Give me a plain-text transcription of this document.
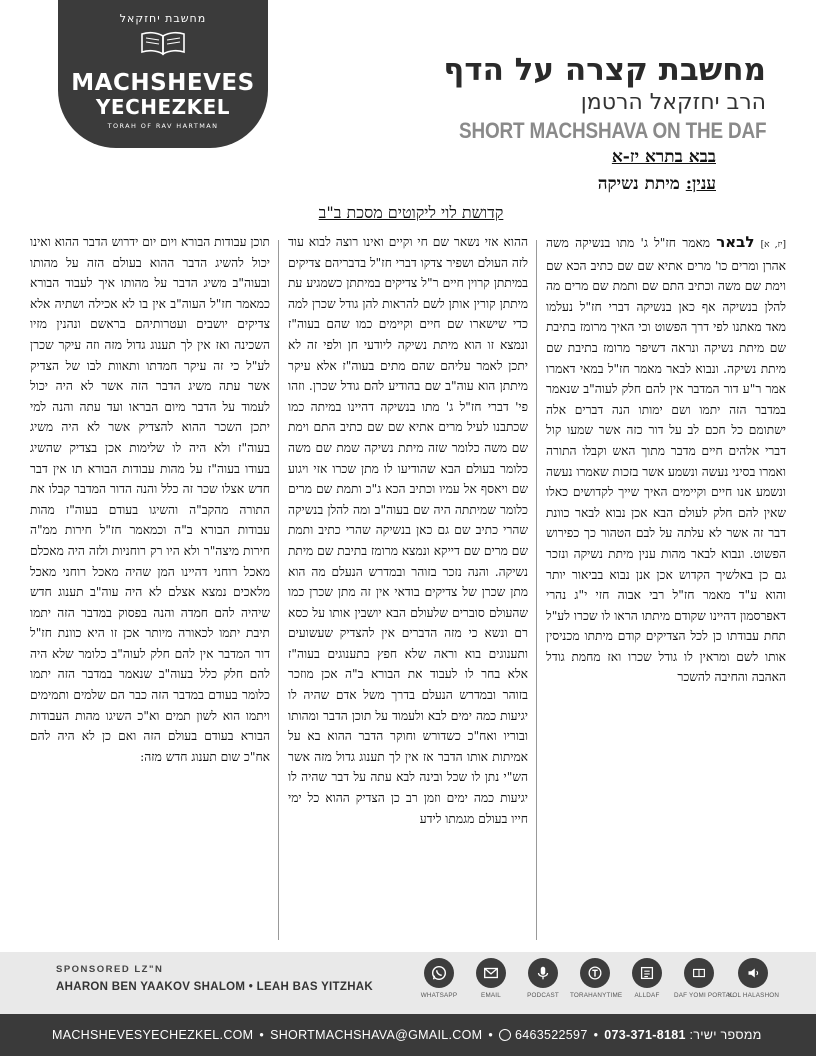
מחשבת יחזקאל
MACHSHEVES
YECHEZKEL
TORAH OF RAV HARTMAN
מחשבת קצרה על הדף
הרב יחזקאל הרטמן
SHORT MACHSHAVA ON THE DAF
בבא בתרא יז-א
ענין: מיתת נשיקה
קדושת לוי ליקוטים מסכת ב"ב
[יז, א] לבאר מאמר חז"ל ג' מתו בנשיקה משה אהרן ומרים כו' מרים אתיא שם שם כתיב הכא שם וימת שם משה וכתיב התם שם ותמת שם מרים מה להלן בנשיקה אף כאן בנשיקה דברי חז"ל נעלמו מאד מאתנו לפי דרך הפשוט וכי האיך מרומז בתיבת שם מיתת נשיקה ונראה דשיפר מרומז בתיבת שם מיתת נשיקה. ונבוא לבאר מאמר חז"ל במאי דאמרו אמר ר"ע דור המדבר אין להם חלק לעוה"ב שנאמר במדבר הזה יתמו ושם ימותו הנה דברים אלה ישתומם כל חכם לב על דור כזה אשר שמעו קול דברי אלהים חיים מדבר מתוך האש וקבלו התורה ואמרו בסיני נעשה ונשמע אשר בזכות שאמרו נעשה ונשמע אנו חיים וקיימים האיך שייך לקדושים כאלו שאין להם חלק לעולם הבא אכן נבוא לבאר כוונת דבר זה אשר לא עלתה על לבם הטהור כך כפירוש הפשוט. ונבוא לבאר מהות ענין מיתת נשיקה ונזכר גם כן באלשיך הקדוש אכן אנן נבוא בביאור יותר והוא ע"ד מאמר חז"ל רבי אבוה חזי י"ג נהרי דאפרסמון דהיינו שקודם מיתתו הראו לו שכרו לע"ל תחת עבודתו כן לכל הצדיקים קודם מיתתו מכניסין אותו לשם ומראין לו גודל שכרו ואז מחמת גודל האהבה והחיבה להשכר
ההוא אזי נשאר שם חי וקיים ואינו רוצה לבוא עוד לזה העולם ושפיר צדקו דברי חז"ל בדבריהם צדיקים במיתתן קרוין חיים ר"ל צדיקים במיתתן כשמגיע עת מיתתן קורין אותן לשם להראות להן גודל שכרן למה כדי שישארו שם חיים וקיימים כמו שהם בעוה"ז ונמצא זו הוא מיתת נשיקה ליודעי חן ולפי זה לא יתכן לאמר עליהם שהם מתים בעוה"ז אלא עיקר מיתתן הוא עוה"ב שם בהודיע להם גודל שכרן. וזהו פי' דברי חז"ל ג' מתו בנשיקה דהיינו במיתה כמו שכתבנו לעיל מרים אתיא שם שם כתיב התם וימת שם משה כלומר שזה מיתת נשיקה שמת שם משה כלומר בעולם הבא שהודיעו לו מתן שכרו אזי ויגוע שם ויאסף אל עמיו וכתיב הכא ג"כ ותמת שם מרים כלומר שמיתתה היה שם בעוה"ב ומה להלן בנשיקה שהרי כתיב שם גם כאן בנשיקה שהרי כתיב ותמת שם מרים שם דייקא ונמצא מרומז בתיבת שם מיתת נשיקה. והנה נזכר בזוהר ובמדרש הנעלם מה הוא מתן שכרן של צדיקים בודאי אין זה מתן שכרן כמו שהעולם סוברים שלעולם הבא יושבין אותו על כסא רם ונשא כי מזה הדברים אין להצדיק שעשועים ותענוגים בוא וראה שלא חפץ בתענוגים בעוה"ז אלא בחר לו לעבוד את הבורא ב"ה אכן מוזכר בזוהר ובמדרש הנעלם בדרך משל אדם שהיה לו יגיעות כמה ימים לבא ולעמוד על תוכן הדבר ומהותו ובוריו ואח"כ כשדורש וחוקר הדבר ההוא בא על אמיתות אותו הדבר אז אין לך תענוג גדול מזה אשר הש"י נתן לו שכל ובינה לבא עתה על דבר שהיה לו יגיעות כמה ימים וזמן רב כן הצדיק ההוא כל ימי חייו בעולם מגמתו לידע
תוכן עבודות הבורא ויום יום ידרוש הדבר ההוא ואינו יכול להשיג הדבר ההוא בעולם הזה על מהותו ובעוה"ב משיג הדבר על מהותו איך לעבוד הבורא כמאמר חז"ל העוה"ב אין בו לא אכילה ושתיה אלא צדיקים יושבים ועטרותיהם בראשם ונהנין מזיו השכינה ואז אין לך תענוג גדול מזה וזה עיקר שכרן לע"ל כי זה עיקר חמדתו ותאוות לבו של הצדיק אשר עתה משיג הדבר הזה אשר לא היה יכול לעמוד על הדבר מיום הבראו ועד עתה והנה למי יתכן השכר ההוא להצדיק אשר לא היה משיג בעוה"ז ולא היה לו שלימות אכן בצדיק שהשיג בעודו בעוה"ז על מהות עבודות הבורא תו אין דבר חדש אצלו שכר זה כלל והנה הדור המדבר קבלו את התורה מהקב"ה והשיגו בעודם בעוה"ז מהות עבודות הבורא ב"ה וכמאמר חז"ל חירות ממ"ה חירות מיצה"ר ולא היו רק רוחניות ולזה היה מאכלם מאכל רוחני דהיינו המן שהיה מאכל רוחני מאכל מלאכים נמצא אצלם לא היה עוה"ב תענוג חדש שיהיה להם חמדה והנה בפסוק במדבר הזה יתמו תיבת יתמו לכאורה מיותר אכן זו היא כוונת חז"ל דור המדבר אין להם חלק לעוה"ב כלומר שלא היה להם חלק כלל בעוה"ב שנאמר במדבר הזה יתמו כלומר בעודם במדבר הזה כבר הם שלמים ותמימים ויתמו הוא לשון תמים וא"כ השיגו מהות העבודות הבורא בעודם בעולם הזה ואם כן לא היה להם אח"כ שום תענוג חדש מזה:
SPONSORED LZ"N
AHARON BEN YAAKOV SHALOM • LEAH BAS YITZHAK
WHATSAPP	EMAIL	PODCAST	TORAHANYTIME	ALLDAF	DAF YOMI PORTAL
KOL HALASHON
MACHSHEVESYECHEZKEL.COM • SHORTMACHSHAVA@GMAIL.COM • 6463522597 •	ממספר ישיר: 073-371-8181
